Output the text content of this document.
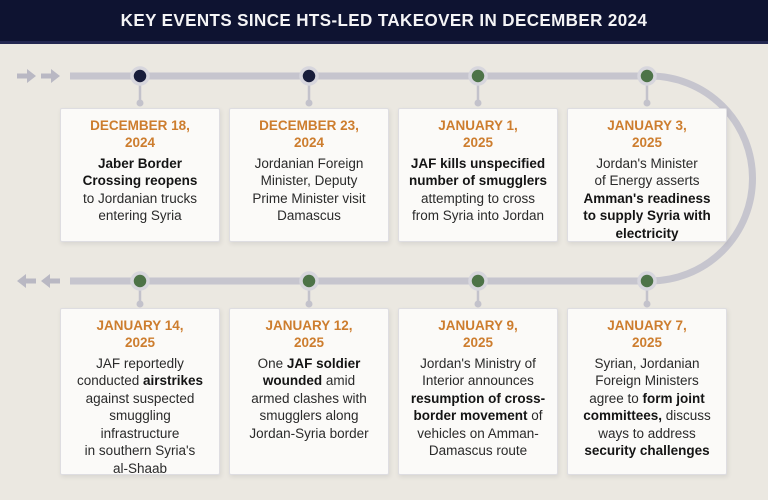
KEY EVENTS SINCE HTS-LED TAKEOVER IN DECEMBER 2024
DECEMBER 18,
2024
Jaber Border
Crossing reopens
to Jordanian trucks
entering Syria
DECEMBER 23,
2024
Jordanian Foreign
Minister, Deputy
Prime Minister visit
Damascus
JANUARY 1,
2025
JAF kills unspecified
number of smugglers
attempting to cross
from Syria into Jordan
JANUARY 3,
2025
Jordan's Minister
of Energy asserts
Amman's readiness
to supply Syria with
electricity
JANUARY 14,
2025
JAF reportedly
conducted airstrikes
against suspected
smuggling
infrastructure
in southern Syria's
al-Shaab
JANUARY 12,
2025
One JAF soldier
wounded amid
armed clashes with
smugglers along
Jordan-Syria border
JANUARY 9,
2025
Jordan's Ministry of
Interior announces
resumption of cross-
border movement of
vehicles on Amman-
Damascus route
JANUARY 7,
2025
Syrian, Jordanian
Foreign Ministers
agree to form joint
committees, discuss
ways to address
security challenges
